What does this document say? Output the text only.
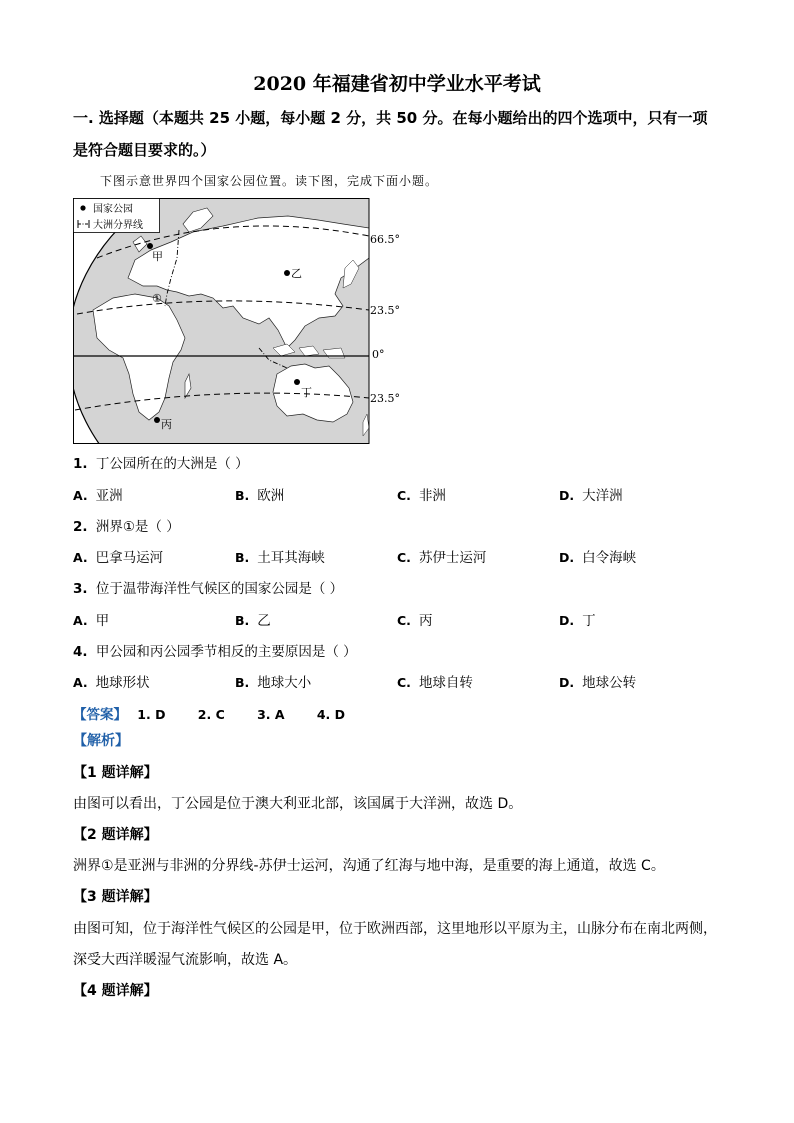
2020 年福建省初中学业水平考试
一. 选择题（本题共 25 小题，每小题 2 分，共 50 分。在每小题给出的四个选项中，只有一项
是符合题目要求的。）
下图示意世界四个国家公园位置。读下图，完成下面小题。
国家公园
大洲分界线
66.5°
23.5°
0°
23.5°
甲
乙
丁
丙
①
1. 丁公园所在的大洲是（ ）
A. 亚洲	B. 欧洲	C. 非洲	D. 大洋洲
2. 洲界①是（ ）
A. 巴拿马运河	B. 土耳其海峡	C. 苏伊士运河	D. 白令海峡
3. 位于温带海洋性气候区的国家公园是（ ）
A. 甲	B. 乙	C. 丙	D. 丁
4. 甲公园和丙公园季节相反的主要原因是（ ）
A. 地球形状	B. 地球大小	C. 地球自转	D. 地球公转
【答案】 1. D	2. C	3. A	4. D
【解析】
【1 题详解】
由图可以看出，丁公园是位于澳大利亚北部，该国属于大洋洲，故选 D。
【2 题详解】
洲界①是亚洲与非洲的分界线-苏伊士运河，沟通了红海与地中海，是重要的海上通道，故选 C。
【3 题详解】
由图可知，位于海洋性气候区的公园是甲，位于欧洲西部，这里地形以平原为主，山脉分布在南北两侧，
深受大西洋暖湿气流影响，故选 A。
【4 题详解】
